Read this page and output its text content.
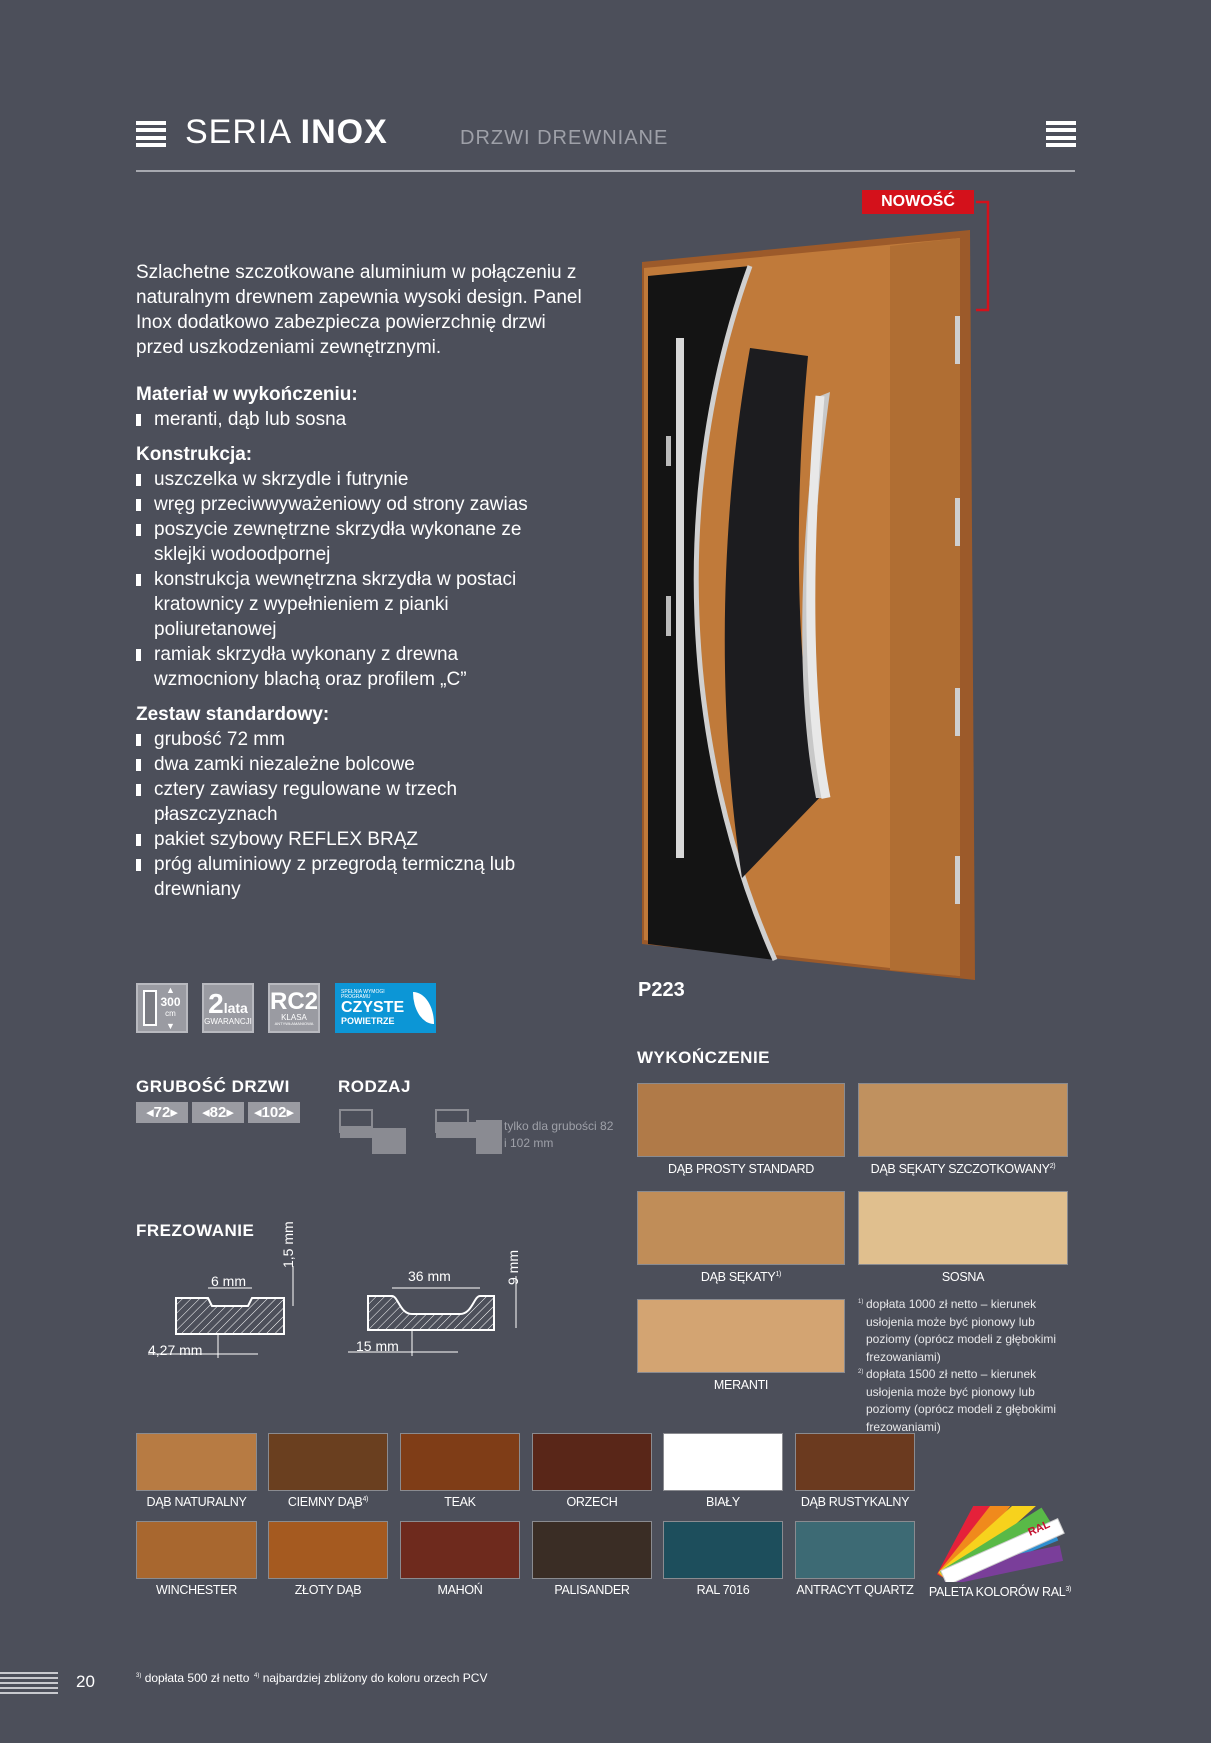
SERIA INOX	DRZWI DREWNIANE

Szlachetne szczotkowane aluminium w połączeniu z naturalnym drewnem zapewnia wysoki design. Panel Inox dodatkowo zabezpiecza powierzchnię drzwi przed uszkodzeniami zewnętrznymi.

Materiał w wykończeniu:
meranti, dąb lub sosna
Konstrukcja:
uszczelka w skrzydle i futrynie
wręg przeciwwyważeniowy od strony zawias
poszycie zewnętrzne skrzydła wykonane ze sklejki wodoodpornej
konstrukcja wewnętrzna skrzydła w postaci kratownicy z wypełnieniem z pianki poliuretanowej
ramiak skrzydła wykonany z drewna wzmocniony blachą oraz profilem „C”
Zestaw standardowy:
grubość 72 mm
dwa zamki niezależne bolcowe
cztery zawiasy regulowane w trzech płaszczyznach
pakiet szybowy REFLEX BRĄZ
próg aluminiowy z przegrodą termiczną lub drewniany
▲
300
cm
▼
2lata
GWARANCJI
RC2
KLASA
ANTYWŁAMANIOWA
SPEŁNIA WYMOGI PROGRAMU
CZYSTE
POWIETRZE
NOWOŚĆ
P223
GRUBOŚĆ DRZWI
◂72▸	◂82▸	◂102▸
RODZAJ
tylko dla grubości 82 i 102 mm
FREZOWANIE
6 mm
1,5 mm
4,27 mm
36 mm	9 mm
15 mm
WYKOŃCZENIE
DĄB PROSTY STANDARD	DĄB SĘKATY SZCZOTKOWANY$^{2)}$
DĄB SĘKATY$^{1)}$	SOSNA
MERANTI
1) dopłata 1000 zł netto – kierunek usłojenia może być pionowy lub poziomy (oprócz modeli z głębokimi frezowaniami)
2) dopłata 1500 zł netto – kierunek usłojenia może być pionowy lub poziomy (oprócz modeli z głębokimi frezowaniami)
DĄB NATURALNY	CIEMNY DĄB$^{4)}$	TEAK	ORZECH	BIAŁY	DĄB RUSTYKALNY
WINCHESTER	ZŁOTY DĄB	MAHOŃ	PALISANDER	RAL 7016	ANTRACYT QUARTZ
RAL
PALETA KOLORÓW RAL$^{3)}$
20	$^{3)}$ dopłata 500 zł netto $^{4)}$ najbardziej zbliżony do koloru orzech PCV
